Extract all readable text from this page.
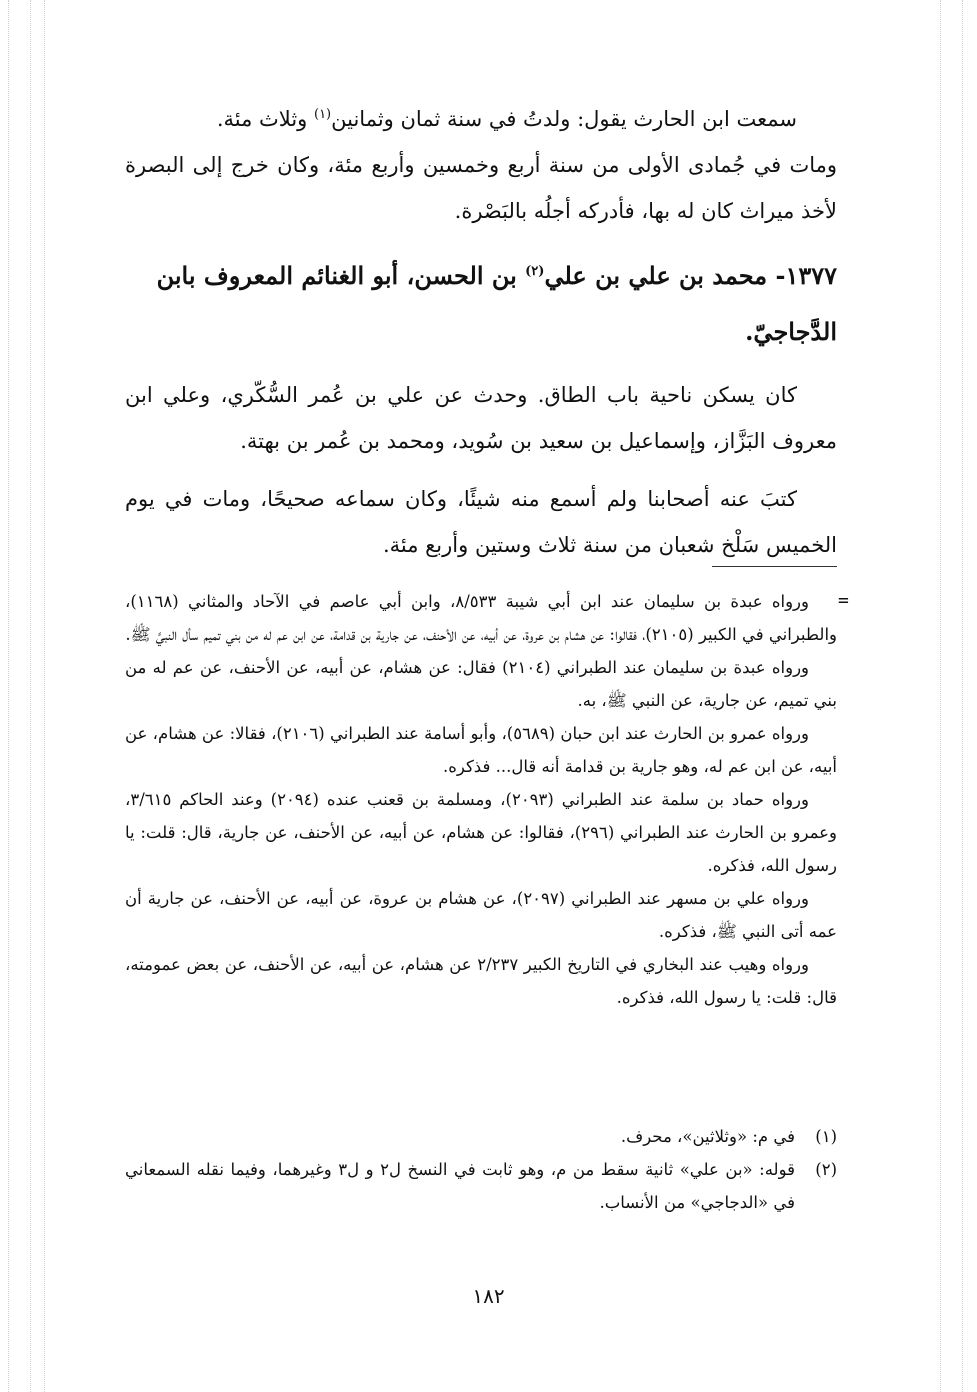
سمعت ابن الحارث يقول: ولدتُ في سنة ثمان وثمانين$^{(١)}$ وثلاث مئة.

ومات في جُمادى الأولى من سنة أربع وخمسين وأربع مئة، وكان خرج إلى البصرة لأخذ ميراث كان له بها، فأدركه أجلُه بالبَصْرة.

١٣٧٧- محمد بن علي بن علي$^{(٢)}$ بن الحسن، أبو الغنائم المعروف بابن الدَّجاجيّ.

كان يسكن ناحية باب الطاق. وحدث عن علي بن عُمر السُّكّري، وعلي ابن معروف البَزَّاز، وإسماعيل بن سعيد بن سُويد، ومحمد بن عُمر بن بهتة.

كتبَ عنه أصحابنا ولم أسمع منه شيئًا، وكان سماعه صحيحًا، ومات في يوم الخميس سَلْخ شعبان من سنة ثلاث وستين وأربع مئة.

=

ورواه عبدة بن سليمان عند ابن أبي شيبة ٨/٥٣٣، وابن أبي عاصم في الآحاد والمثاني (١١٦٨)، والطبراني في الكبير (٢١٠٥)، فقالوا: عن هشام بن عروة، عن أبيه، عن الأحنف، عن جارية بن قدامة، عن ابن عم له من بني تميم سأل النبيَّ ﷺ.

ورواه عبدة بن سليمان عند الطبراني (٢١٠٤) فقال: عن هشام، عن أبيه، عن الأحنف، عن عم له من بني تميم، عن جارية، عن النبي ﷺ، به.

ورواه عمرو بن الحارث عند ابن حبان (٥٦٨٩)، وأبو أسامة عند الطبراني (٢١٠٦)، فقالا: عن هشام، عن أبيه، عن ابن عم له، وهو جارية بن قدامة أنه قال... فذكره.

ورواه حماد بن سلمة عند الطبراني (٢٠٩٣)، ومسلمة بن قعنب عنده (٢٠٩٤) وعند الحاكم ٣/٦١٥، وعمرو بن الحارث عند الطبراني (٢٩٦)، فقالوا: عن هشام، عن أبيه، عن الأحنف، عن جارية، قال: قلت: يا رسول الله، فذكره.

ورواه علي بن مسهر عند الطبراني (٢٠٩٧)، عن هشام بن عروة، عن أبيه، عن الأحنف، عن جارية أن عمه أتى النبي ﷺ، فذكره.

ورواه وهيب عند البخاري في التاريخ الكبير ٢/٢٣٧ عن هشام، عن أبيه، عن الأحنف، عن بعض عمومته، قال: قلت: يا رسول الله، فذكره.

(١)
في م: «وثلاثين»، محرف.
(٢)
قوله: «بن علي» ثانية سقط من م، وهو ثابت في النسخ ل٢ و ل٣ وغيرهما، وفيما نقله السمعاني في «الدجاجي» من الأنساب.
١٨٢
